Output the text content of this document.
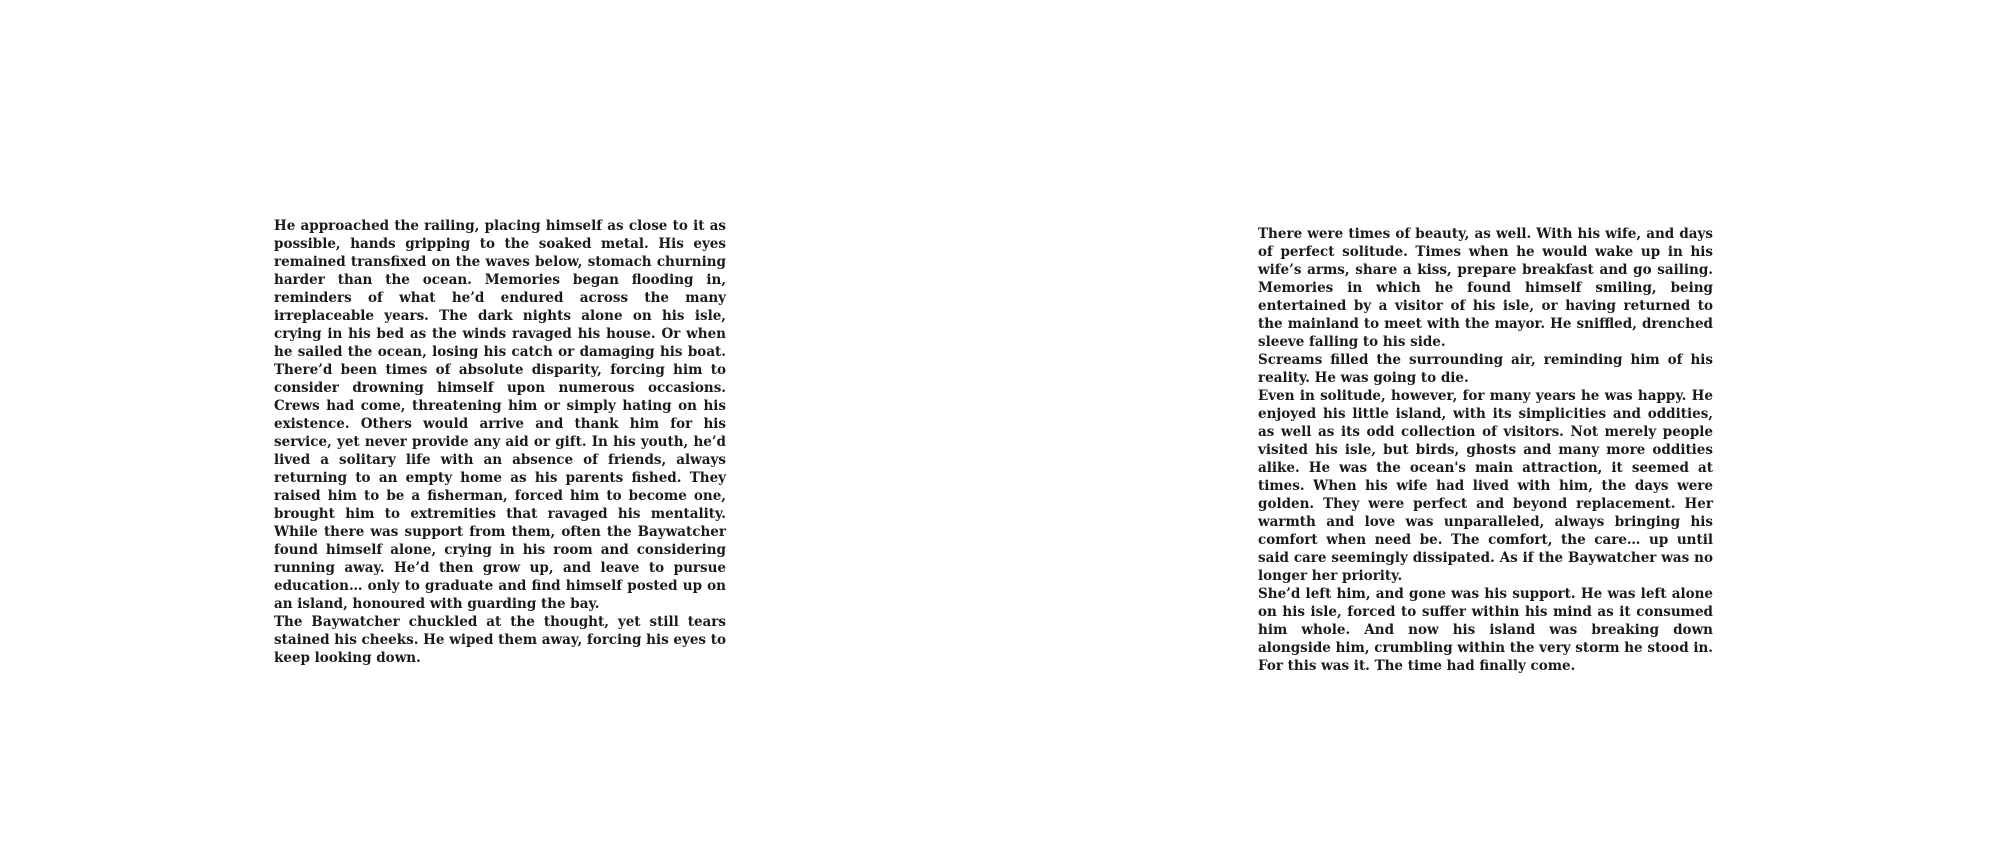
He approached the railing, placing himself as close to it as possible, hands gripping to the soaked metal. His eyes remained transfixed on the waves below, stomach churning harder than the ocean. Memories began flooding in, reminders of what he’d endured across the many irreplaceable years. The dark nights alone on his isle, crying in his bed as the winds ravaged his house. Or when he sailed the ocean, losing his catch or damaging his boat. There’d been times of absolute disparity, forcing him to consider drowning himself upon numerous occasions. Crews had come, threatening him or simply hating on his existence. Others would arrive and thank him for his service, yet never provide any aid or gift. In his youth, he’d lived a solitary life with an absence of friends, always returning to an empty home as his parents fished. They raised him to be a fisherman, forced him to become one, brought him to extremities that ravaged his mentality. While there was support from them, often the Baywatcher found himself alone, crying in his room and considering running away. He’d then grow up, and leave to pursue education… only to graduate and find himself posted up on an island, honoured with guarding the bay.

The Baywatcher chuckled at the thought, yet still tears stained his cheeks. He wiped them away, forcing his eyes to keep looking down.

There were times of beauty, as well. With his wife, and days of perfect solitude. Times when he would wake up in his wife’s arms, share a kiss, prepare breakfast and go sailing. Memories in which he found himself smiling, being entertained by a visitor of his isle, or having returned to the mainland to meet with the mayor. He sniffled, drenched sleeve falling to his side.

Screams filled the surrounding air, reminding him of his reality. He was going to die.

Even in solitude, however, for many years he was happy. He enjoyed his little island, with its simplicities and oddities, as well as its odd collection of visitors. Not merely people visited his isle, but birds, ghosts and many more oddities alike. He was the ocean's main attraction, it seemed at times. When his wife had lived with him, the days were golden. They were perfect and beyond replacement. Her warmth and love was unparalleled, always bringing his comfort when need be. The comfort, the care… up until said care seemingly dissipated. As if the Baywatcher was no longer her priority.

She’d left him, and gone was his support. He was left alone on his isle, forced to suffer within his mind as it consumed him whole. And now his island was breaking down alongside him, crumbling within the very storm he stood in. For this was it. The time had finally come.
